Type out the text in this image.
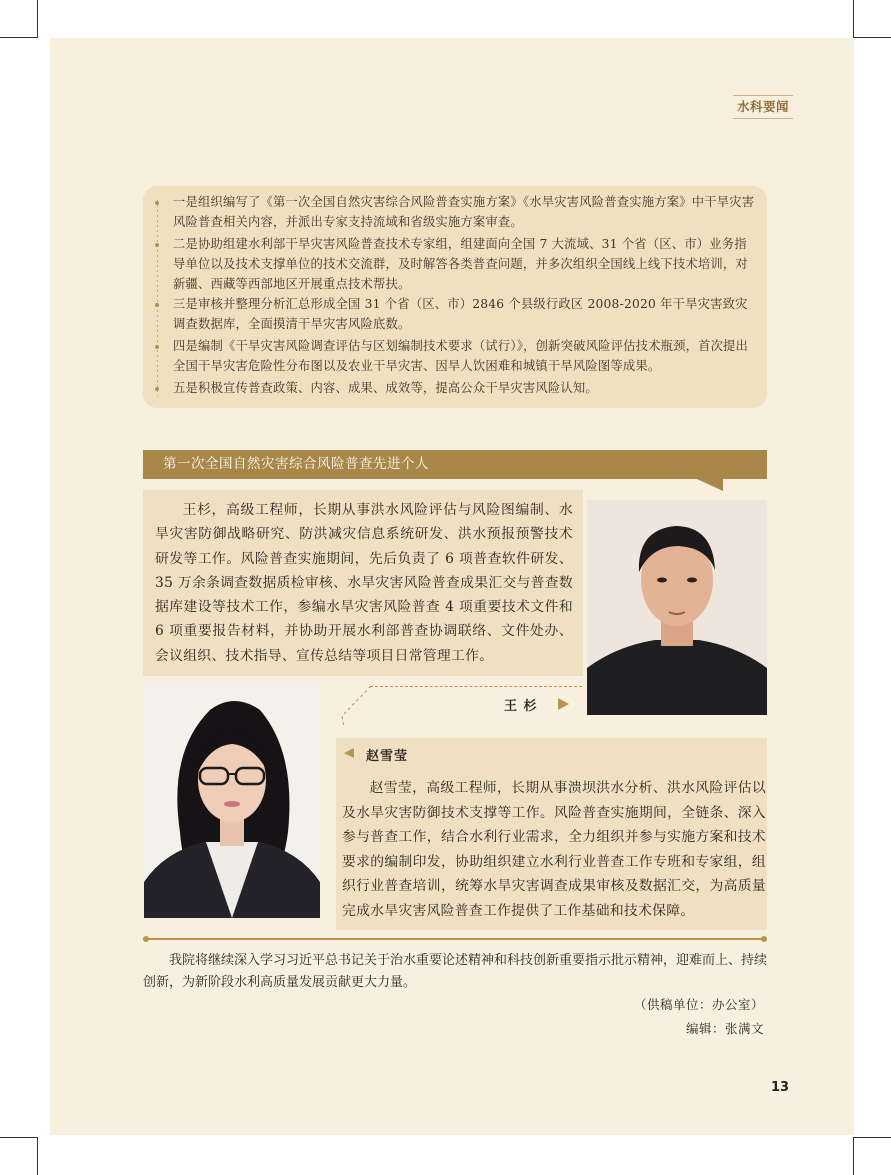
水科要闻
一是组织编写了《第一次全国自然灾害综合风险普查实施方案》《水旱灾害风险普查实施方案》中干旱灾害风险普查相关内容，并派出专家支持流域和省级实施方案审查。
二是协助组建水利部干旱灾害风险普查技术专家组，组建面向全国 7 大流域、31 个省（区、市）业务指导单位以及技术支撑单位的技术交流群，及时解答各类普查问题，并多次组织全国线上线下技术培训，对新疆、西藏等西部地区开展重点技术帮扶。
三是审核并整理分析汇总形成全国 31 个省（区、市）2846 个县级行政区 2008-2020 年干旱灾害致灾调查数据库，全面摸清干旱灾害风险底数。
四是编制《干旱灾害风险调查评估与区划编制技术要求（试行）》，创新突破风险评估技术瓶颈，首次提出全国干旱灾害危险性分布图以及农业干旱灾害、因旱人饮困难和城镇干旱风险图等成果。
五是积极宣传普查政策、内容、成果、成效等，提高公众干旱灾害风险认知。
第一次全国自然灾害综合风险普查先进个人

王杉，高级工程师，长期从事洪水风险评估与风险图编制、水旱灾害防御战略研究、防洪减灾信息系统研发、洪水预报预警技术研发等工作。风险普查实施期间，先后负责了 6 项普查软件研发、35 万余条调查数据质检审核、水旱灾害风险普查成果汇交与普查数据库建设等技术工作，参编水旱灾害风险普查 4 项重要技术文件和 6 项重要报告材料，并协助开展水利部普查协调联络、文件处办、会议组织、技术指导、宣传总结等项目日常管理工作。

王 杉
赵雪莹

赵雪莹，高级工程师，长期从事溃坝洪水分析、洪水风险评估以及水旱灾害防御技术支撑等工作。风险普查实施期间，全链条、深入参与普查工作，结合水利行业需求，全力组织并参与实施方案和技术要求的编制印发，协助组织建立水利行业普查工作专班和专家组，组织行业普查培训，统筹水旱灾害调查成果审核及数据汇交，为高质量完成水旱灾害风险普查工作提供了工作基础和技术保障。

我院将继续深入学习习近平总书记关于治水重要论述精神和科技创新重要指示批示精神，迎难而上、持续创新，为新阶段水利高质量发展贡献更大力量。

（供稿单位：办公室）
编辑：张满文
13
